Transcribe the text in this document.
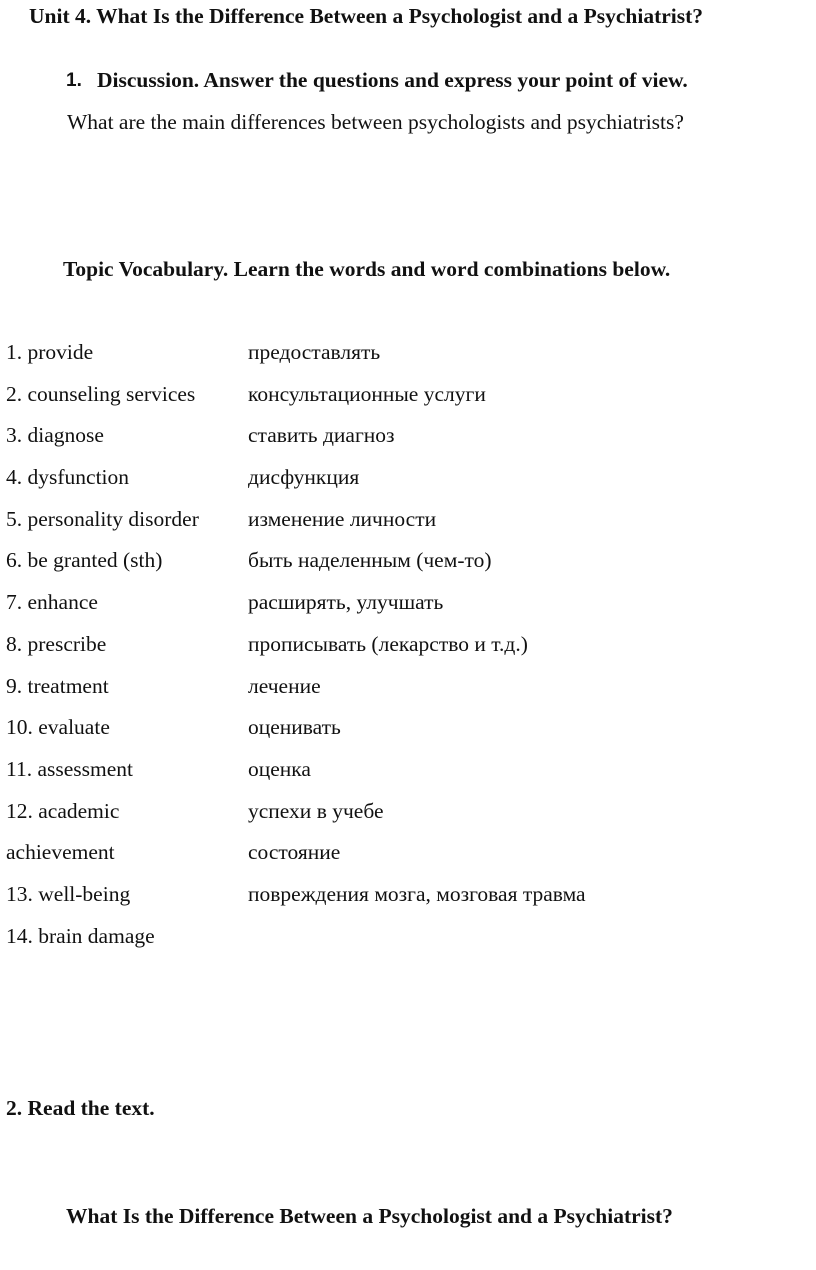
Unit 4. What Is the Difference Between a Psychologist and a Psychiatrist?
1. Discussion. Answer the questions and express your point of view.
What are the main differences between psychologists and psychiatrists?
Topic Vocabulary. Learn the words and word combinations below.
1. provide	предоставлять
2. counseling services консультационные услуги
3. diagnose	ставить диагноз
4. dysfunction	дисфункция
5. personality disorder изменение личности
6. be granted (sth)	быть наделенным (чем-то)
7. enhance	расширять, улучшать
8. prescribe	прописывать (лекарство и т.д.)
9. treatment	лечение
10. evaluate	оценивать
11. assessment	оценка
12. academic	успехи в учебе
achievement	состояние
13. well-being	повреждения мозга, мозговая травма
14. brain damage
2. Read the text.
What Is the Difference Between a Psychologist and a Psychiatrist?
